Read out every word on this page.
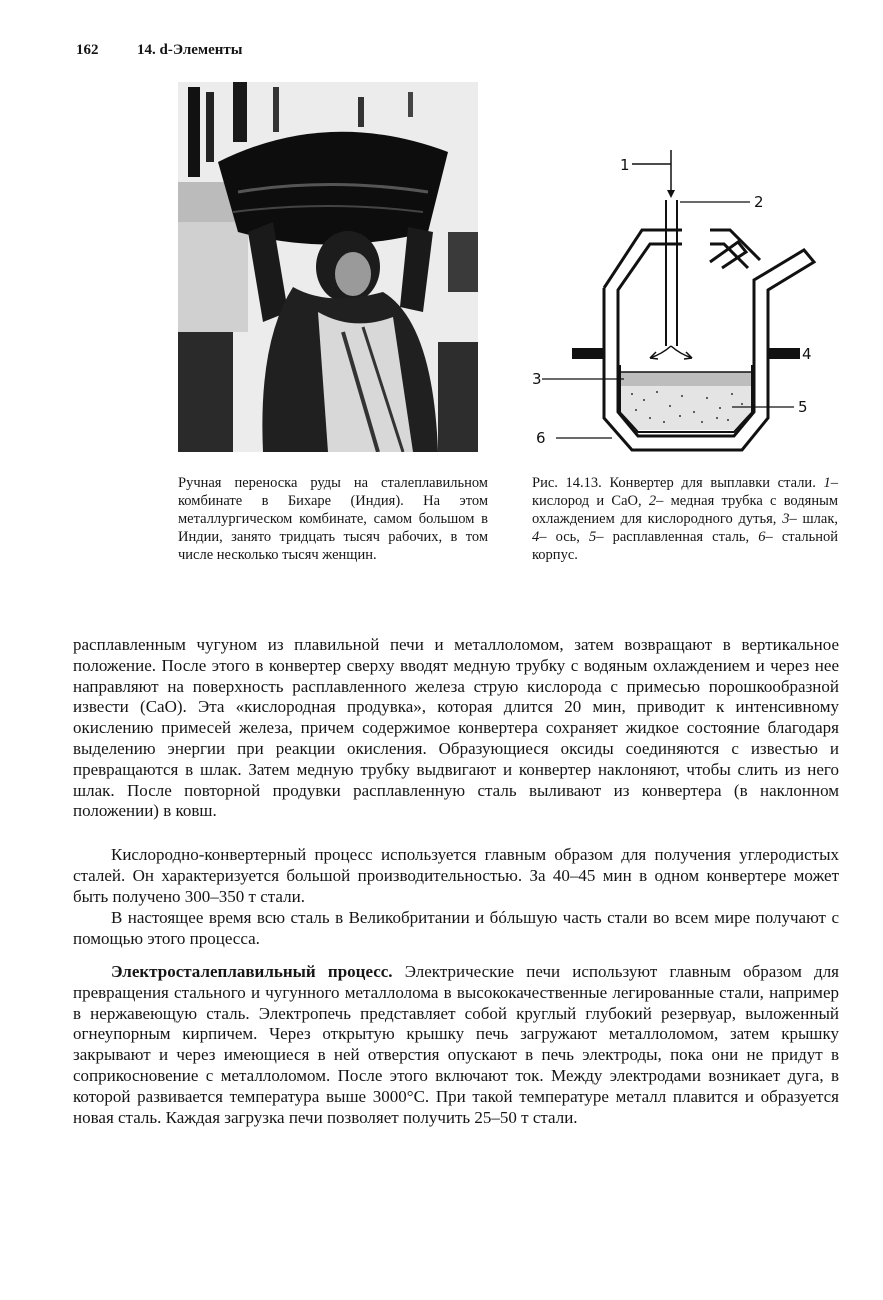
162	14. d-Элементы
1
2
3
4
5
6
Ручная переноска руды на сталеплавильном комбинате в Бихаре (Индия). На этом металлургическом комбинате, самом большом в Индии, занято тридцать тысяч рабочих, в том числе несколько тысяч женщин.
Рис. 14.13. Конвертер для выплавки стали. 1– кислород и CaO, 2– медная трубка с водяным охлаждением для кислородного дутья, 3– шлак, 4– ось, 5– расплавленная сталь, 6– стальной корпус.

расплавленным чугуном из плавильной печи и металлоломом, затем возвращают в вертикальное положение. После этого в конвертер сверху вводят медную трубку с водяным охлаждением и через нее направляют на поверхность расплавленного железа струю кислорода с примесью порошкообразной извести (CaO). Эта «кислородная продувка», которая длится 20 мин, приводит к интенсивному окислению примесей железа, причем содержимое конвертера сохраняет жидкое состояние благодаря выделению энергии при реакции окисления. Образующиеся оксиды соединяются с известью и превращаются в шлак. Затем медную трубку выдвигают и конвертер наклоняют, чтобы слить из него шлак. После повторной продувки расплавленную сталь выливают из конвертера (в наклонном положении) в ковш.

Кислородно-конвертерный процесс используется главным образом для получения углеродистых сталей. Он характеризуется большой производительностью. За 40–45 мин в одном конвертере может быть получено 300–350 т стали.

В настоящее время всю сталь в Великобритании и бóльшую часть стали во всем мире получают с помощью этого процесса.

Электросталеплавильный процесс. Электрические печи используют главным образом для превращения стального и чугунного металлолома в высококачественные легированные стали, например в нержавеющую сталь. Электропечь представляет собой круглый глубокий резервуар, выложенный огнеупорным кирпичем. Через открытую крышку печь загружают металлоломом, затем крышку закрывают и через имеющиеся в ней отверстия опускают в печь электроды, пока они не придут в соприкосновение с металлоломом. После этого включают ток. Между электродами возникает дуга, в которой развивается температура выше 3000°С. При такой температуре металл плавится и образуется новая сталь. Каждая загрузка печи позволяет получить 25–50 т стали.
